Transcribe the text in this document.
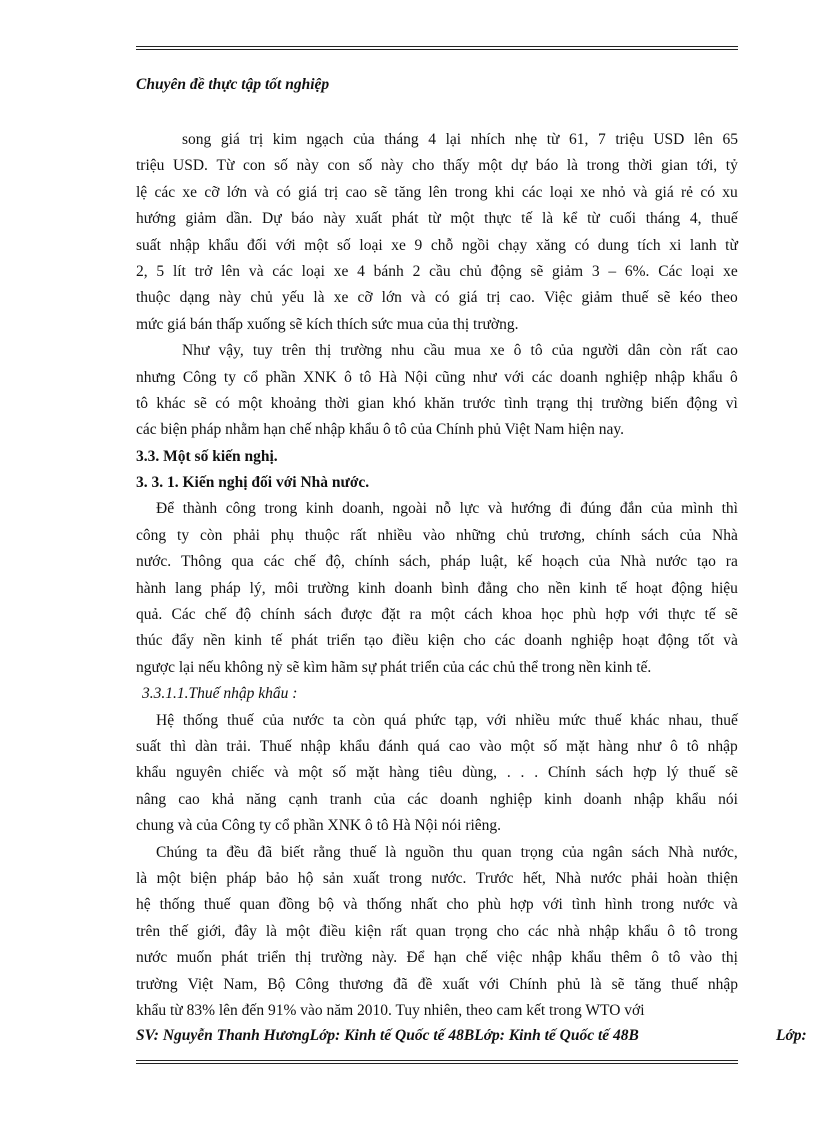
Chuyên đề thực tập tốt nghiệp
song giá trị kim ngạch của tháng 4 lại nhích nhẹ từ 61, 7 triệu USD lên 65
triệu USD. Từ con số này con số này cho thấy một dự báo là trong thời gian tới, tỷ
lệ các xe cỡ lớn và có giá trị cao sẽ tăng lên trong khi các loại xe nhỏ và giá rẻ có xu
hướng giảm dần. Dự báo này xuất phát từ một thực tế là kể từ cuối tháng 4, thuế
suất nhập khẩu đối với một số loại xe 9 chỗ ngồi chạy xăng có dung tích xi lanh từ
2, 5 lít trở lên và các loại xe 4 bánh 2 cầu chủ động sẽ giảm 3 – 6%. Các loại xe
thuộc dạng này chủ yếu là xe cỡ lớn và có giá trị cao. Việc giảm thuế sẽ kéo theo
mức giá bán thấp xuống sẽ kích thích sức mua của thị trường.
Như vậy, tuy trên thị trường nhu cầu mua xe ô tô của người dân còn rất cao
nhưng Công ty cổ phần XNK ô tô Hà Nội cũng như với các doanh nghiệp nhập khẩu ô
tô khác sẽ có một khoảng thời gian khó khăn trước tình trạng thị trường biến động vì
các biện pháp nhằm hạn chế nhập khẩu ô tô của Chính phủ Việt Nam hiện nay.
3.3. Một số kiến nghị.
3. 3. 1. Kiến nghị đối với Nhà nước.
Để thành công trong kinh doanh, ngoài nỗ lực và hướng đi đúng đắn của mình thì
công ty còn phải phụ thuộc rất nhiều vào những chủ trương, chính sách của Nhà
nước. Thông qua các chế độ, chính sách, pháp luật, kế hoạch của Nhà nước tạo ra
hành lang pháp lý, môi trường kinh doanh bình đẳng cho nền kinh tế hoạt động hiệu
quả. Các chế độ chính sách được đặt ra một cách khoa học phù hợp với thực tế sẽ
thúc đẩy nền kinh tế phát triển tạo điều kiện cho các doanh nghiệp hoạt động tốt và
ngược lại nếu không nỳ sẽ kìm hãm sự phát triển của các chủ thể trong nền kinh tế.
3.3.1.1.Thuế nhập khẩu :
Hệ thống thuế của nước ta còn quá phức tạp, với nhiều mức thuế khác nhau, thuế
suất thì dàn trải. Thuế nhập khẩu đánh quá cao vào một số mặt hàng như ô tô nhập
khẩu nguyên chiếc và một số mặt hàng tiêu dùng, . . . Chính sách hợp lý thuế sẽ
nâng cao khả năng cạnh tranh của các doanh nghiệp kinh doanh nhập khẩu nói
chung và của Công ty cổ phần XNK ô tô Hà Nội nói riêng.
Chúng ta đều đã biết rằng thuế là nguồn thu quan trọng của ngân sách Nhà nước,
là một biện pháp bảo hộ sản xuất trong nước. Trước hết, Nhà nước phải hoàn thiện
hệ thống thuế quan đồng bộ và thống nhất cho phù hợp với tình hình trong nước và
trên thế giới, đây là một điều kiện rất quan trọng cho các nhà nhập khẩu ô tô trong
nước muốn phát triển thị trường này. Để hạn chế việc nhập khẩu thêm ô tô vào thị
trường Việt Nam, Bộ Công thương đã đề xuất với Chính phủ là sẽ tăng thuế nhập
khẩu từ 83% lên đến 91% vào năm 2010. Tuy nhiên, theo cam kết trong WTO với
SV: Nguyễn Thanh HươngLớp: Kinh tế Quốc tế 48BLớp: Kinh tế Quốc tế 48B	Lớp:
